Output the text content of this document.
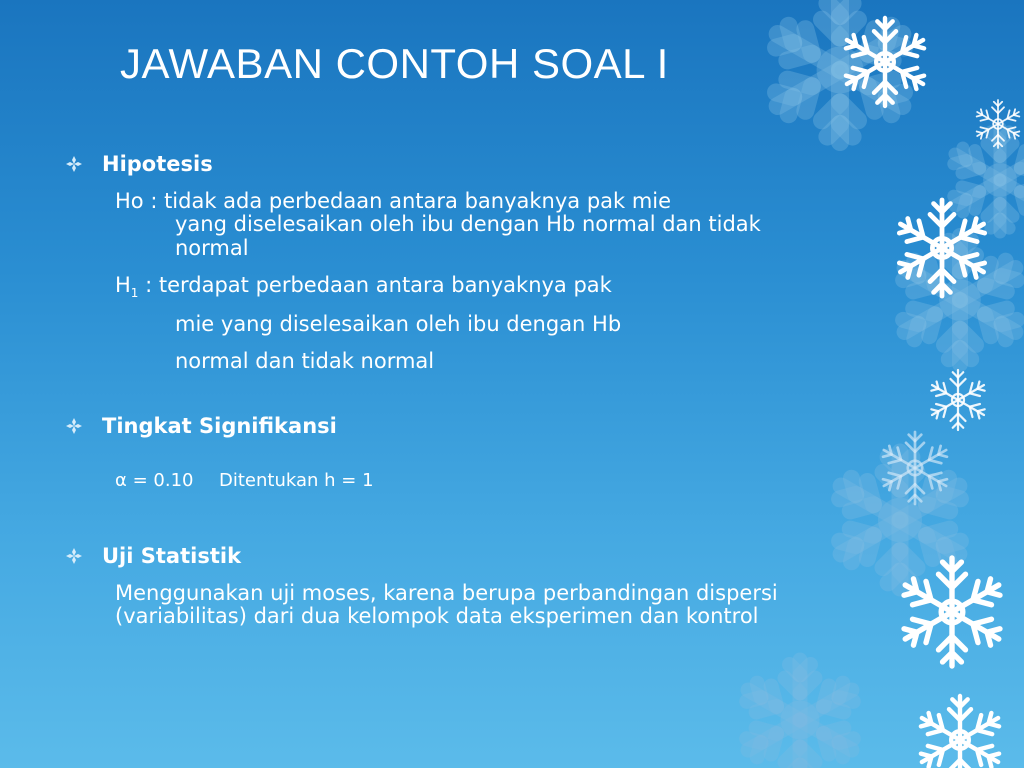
JAWABAN CONTOH SOAL I
Hipotesis
Ho : tidak ada perbedaan antara banyaknya pak mie
yang diselesaikan oleh ibu dengan Hb normal dan tidak
normal
$H_1$ : terdapat perbedaan antara banyaknya pak
mie yang diselesaikan oleh ibu dengan Hb
normal dan tidak normal
Tingkat Signifikansi
α = 0.10 Ditentukan h = 1
Uji Statistik
Menggunakan uji moses, karena berupa perbandingan dispersi
(variabilitas) dari dua kelompok data eksperimen dan kontrol
